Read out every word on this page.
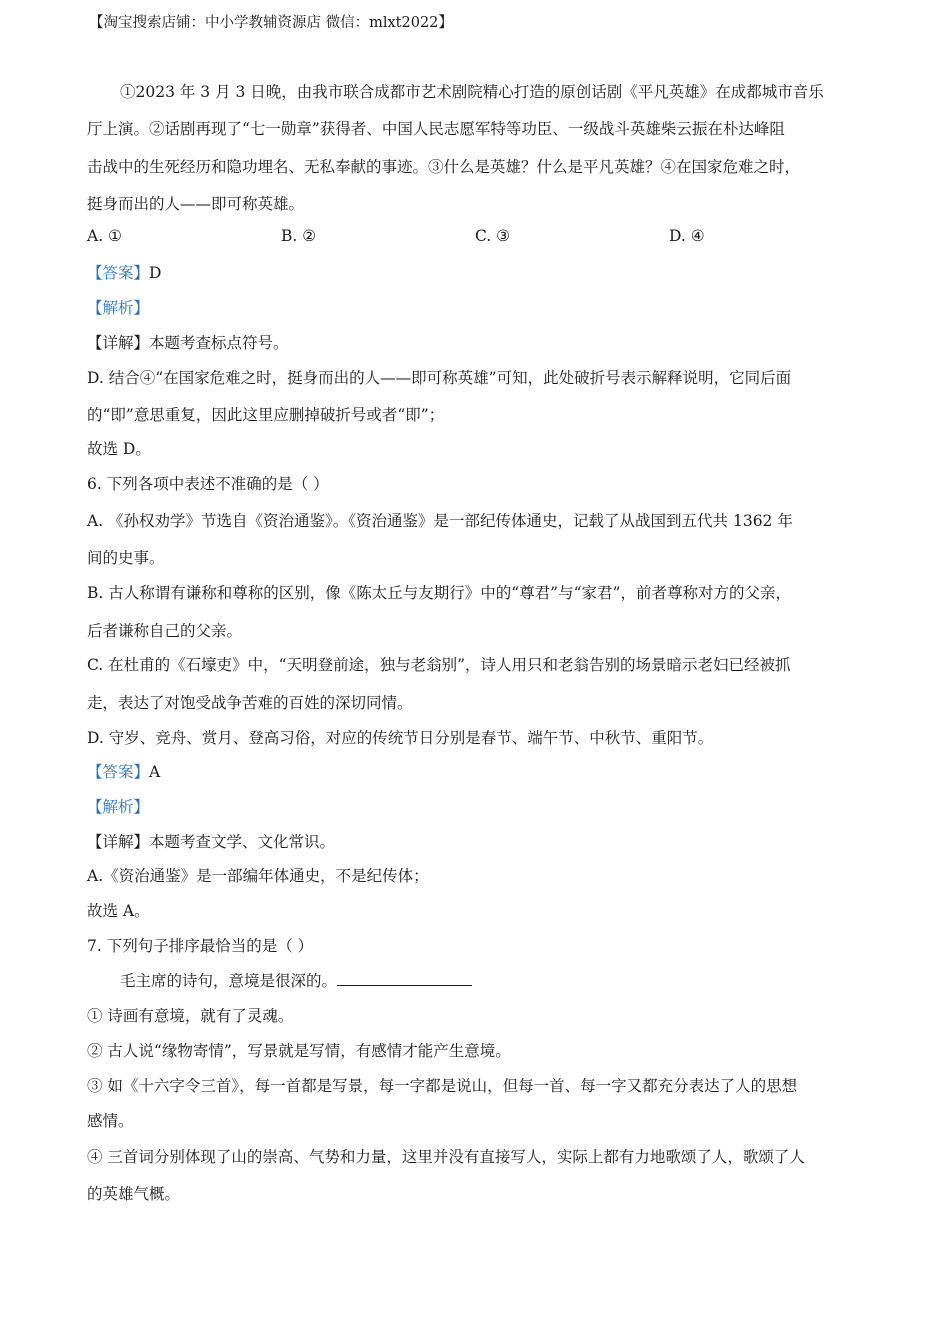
【淘宝搜索店铺：中小学教辅资源店 微信：mlxt2022】
①2023 年 3 月 3 日晚，由我市联合成都市艺术剧院精心打造的原创话剧《平凡英雄》在成都城市音乐
厅上演。②话剧再现了“七一勋章”获得者、中国人民志愿军特等功臣、一级战斗英雄柴云振在朴达峰阻
击战中的生死经历和隐功埋名、无私奉献的事迹。③什么是英雄？什么是平凡英雄？④在国家危难之时，
挺身而出的人——即可称英雄。
A. ①	B. ②	C. ③	D. ④
【答案】D
【解析】
【详解】本题考查标点符号。
D. 结合④“在国家危难之时，挺身而出的人——即可称英雄”可知，此处破折号表示解释说明，它同后面
的“即”意思重复，因此这里应删掉破折号或者“即”；
故选 D。
6. 下列各项中表述不准确的是（ ）
A. 《孙权劝学》节选自《资治通鉴》。《资治通鉴》是一部纪传体通史，记载了从战国到五代共 1362 年
间的史事。
B. 古人称谓有谦称和尊称的区别，像《陈太丘与友期行》中的“尊君”与“家君”，前者尊称对方的父亲，
后者谦称自己的父亲。
C. 在杜甫的《石壕吏》中，“天明登前途，独与老翁别”，诗人用只和老翁告别的场景暗示老妇已经被抓
走，表达了对饱受战争苦难的百姓的深切同情。
D. 守岁、竞舟、赏月、登高习俗，对应的传统节日分别是春节、端午节、中秋节、重阳节。
【答案】A
【解析】
【详解】本题考查文学、文化常识。
A.《资治通鉴》是一部编年体通史，不是纪传体；
故选 A。
7. 下列句子排序最恰当的是（ ）
毛主席的诗句，意境是很深的。
① 诗画有意境，就有了灵魂。
② 古人说“缘物寄情”，写景就是写情，有感情才能产生意境。
③ 如《十六字令三首》，每一首都是写景，每一字都是说山，但每一首、每一字又都充分表达了人的思想
感情。
④ 三首词分别体现了山的崇高、气势和力量，这里并没有直接写人，实际上都有力地歌颂了人，歌颂了人
的英雄气概。
